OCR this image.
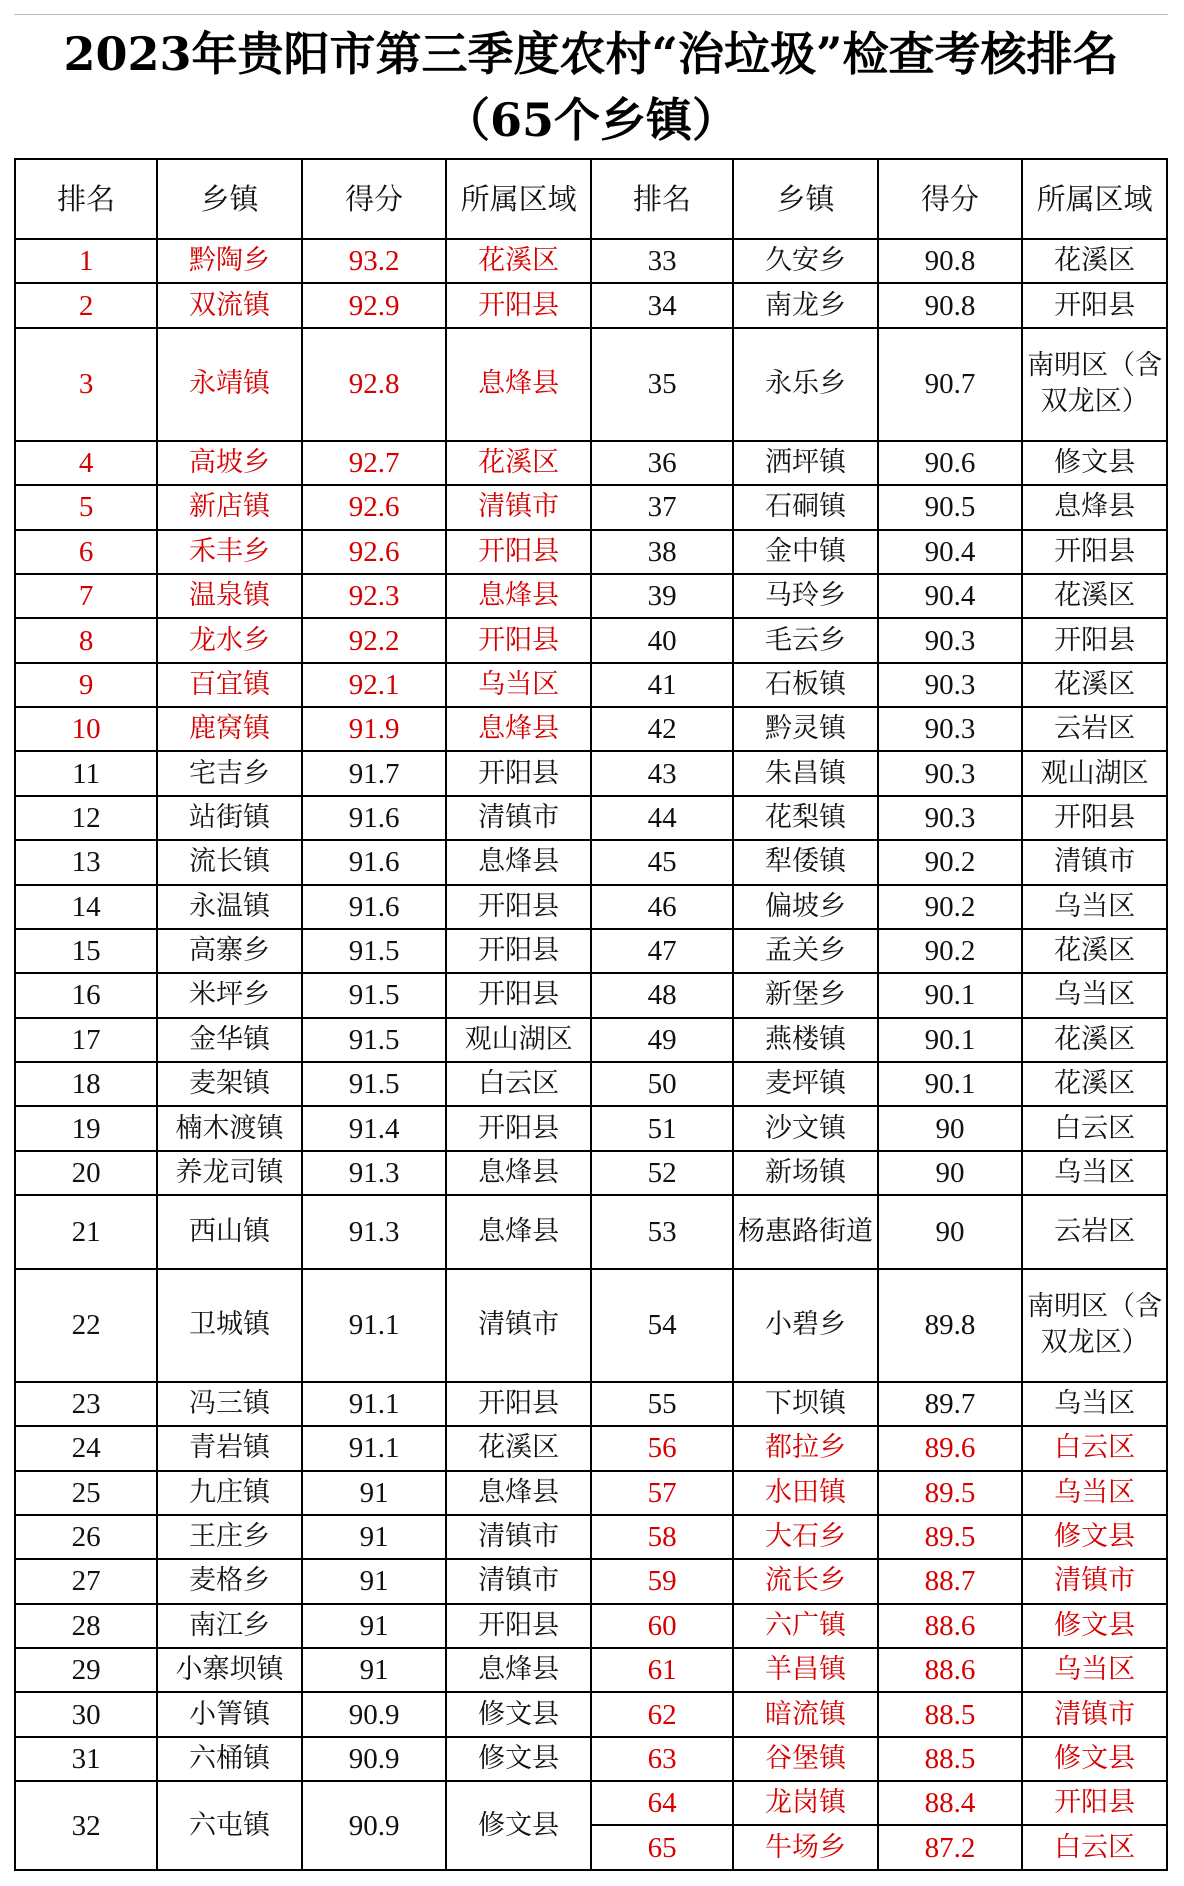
2023年贵阳市第三季度农村“治垃圾”检查考核排名（65个乡镇）
排名	乡镇	得分	所属区域	排名	乡镇	得分	所属区域
1	黔陶乡	93.2	花溪区	33	久安乡	90.8	花溪区
2	双流镇	92.9	开阳县	34	南龙乡	90.8	开阳县
3	永靖镇	92.8	息烽县	35	永乐乡	90.7	南明区（含双龙区）
4	高坡乡	92.7	花溪区	36	洒坪镇	90.6	修文县
5	新店镇	92.6	清镇市	37	石硐镇	90.5	息烽县
6	禾丰乡	92.6	开阳县	38	金中镇	90.4	开阳县
7	温泉镇	92.3	息烽县	39	马玲乡	90.4	花溪区
8	龙水乡	92.2	开阳县	40	毛云乡	90.3	开阳县
9	百宜镇	92.1	乌当区	41	石板镇	90.3	花溪区
10	鹿窝镇	91.9	息烽县	42	黔灵镇	90.3	云岩区
11	宅吉乡	91.7	开阳县	43	朱昌镇	90.3	观山湖区
12	站街镇	91.6	清镇市	44	花梨镇	90.3	开阳县
13	流长镇	91.6	息烽县	45	犁倭镇	90.2	清镇市
14	永温镇	91.6	开阳县	46	偏坡乡	90.2	乌当区
15	高寨乡	91.5	开阳县	47	孟关乡	90.2	花溪区
16	米坪乡	91.5	开阳县	48	新堡乡	90.1	乌当区
17	金华镇	91.5	观山湖区	49	燕楼镇	90.1	花溪区
18	麦架镇	91.5	白云区	50	麦坪镇	90.1	花溪区
19	楠木渡镇	91.4	开阳县	51	沙文镇	90	白云区
20	养龙司镇	91.3	息烽县	52	新场镇	90	乌当区
21	西山镇	91.3	息烽县	53	杨惠路街道	90	云岩区
22	卫城镇	91.1	清镇市	54	小碧乡	89.8	南明区（含双龙区）
23	冯三镇	91.1	开阳县	55	下坝镇	89.7	乌当区
24	青岩镇	91.1	花溪区	56	都拉乡	89.6	白云区
25	九庄镇	91	息烽县	57	水田镇	89.5	乌当区
26	王庄乡	91	清镇市	58	大石乡	89.5	修文县
27	麦格乡	91	清镇市	59	流长乡	88.7	清镇市
28	南江乡	91	开阳县	60	六广镇	88.6	修文县
29	小寨坝镇	91	息烽县	61	羊昌镇	88.6	乌当区
30	小箐镇	90.9	修文县	62	暗流镇	88.5	清镇市
31	六桶镇	90.9	修文县	63	谷堡镇	88.5	修文县
32	六屯镇	90.9	修文县	64	龙岗镇	88.4	开阳县
				65	牛场乡	87.2	白云区
